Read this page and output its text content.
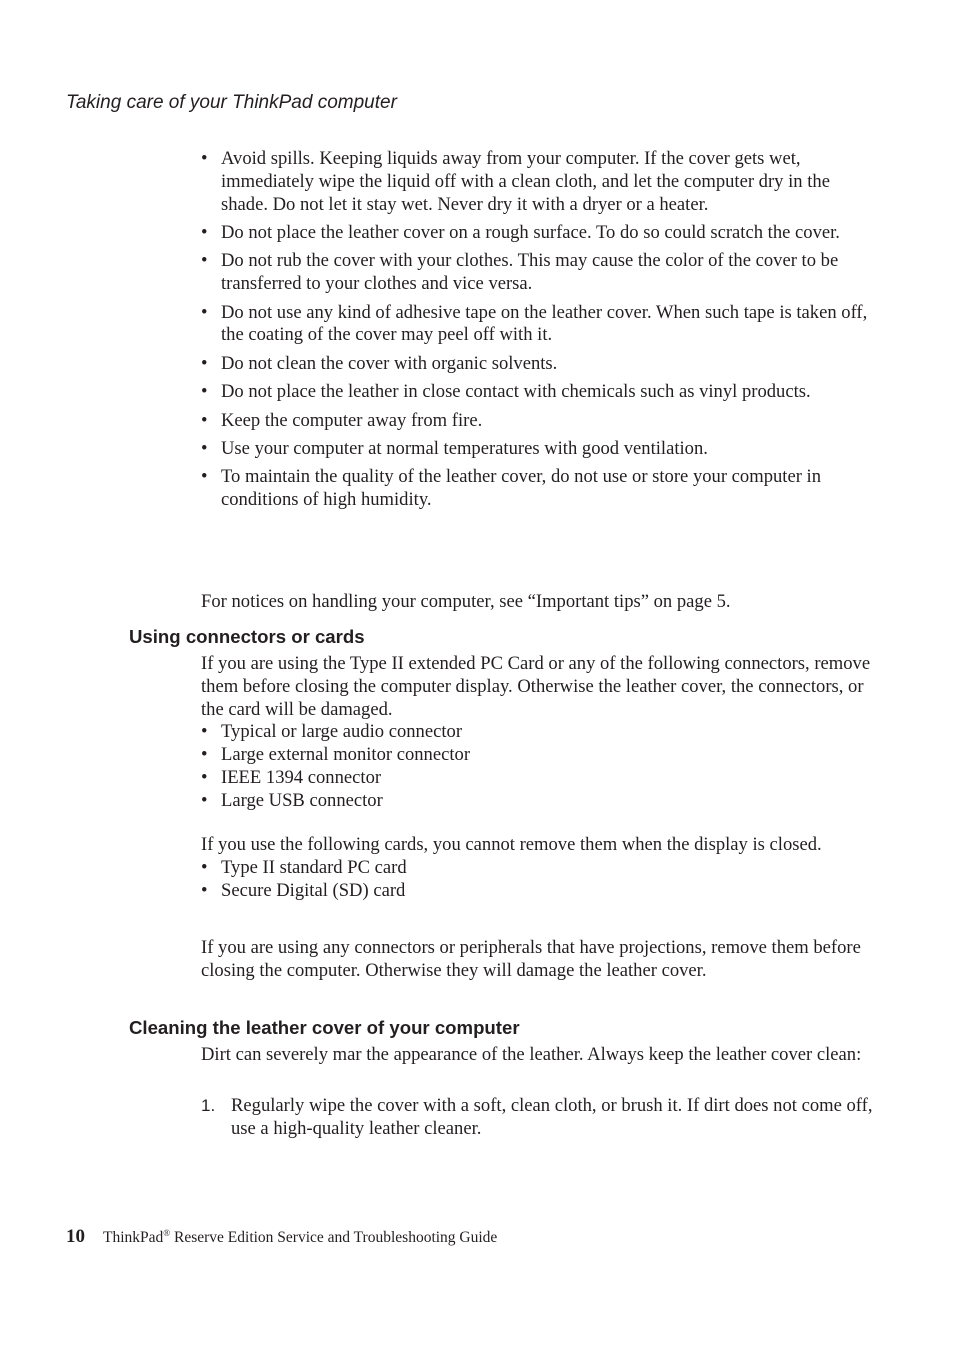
Taking care of your ThinkPad computer
• Avoid spills. Keeping liquids away from your computer. If the cover gets wet, immediately wipe the liquid off with a clean cloth, and let the computer dry in the shade. Do not let it stay wet. Never dry it with a dryer or a heater.
• Do not place the leather cover on a rough surface. To do so could scratch the cover.
• Do not rub the cover with your clothes. This may cause the color of the cover to be transferred to your clothes and vice versa.
• Do not use any kind of adhesive tape on the leather cover. When such tape is taken off, the coating of the cover may peel off with it.
• Do not clean the cover with organic solvents.
• Do not place the leather in close contact with chemicals such as vinyl products.
• Keep the computer away from fire.
• Use your computer at normal temperatures with good ventilation.
• To maintain the quality of the leather cover, do not use or store your computer in conditions of high humidity.

For notices on handling your computer, see “Important tips” on page 5.

Using connectors or cards

If you are using the Type II extended PC Card or any of the following connectors, remove them before closing the computer display. Otherwise the leather cover, the connectors, or the card will be damaged.

• Typical or large audio connector
• Large external monitor connector
• IEEE 1394 connector
• Large USB connector

If you use the following cards, you cannot remove them when the display is closed.

• Type II standard PC card
• Secure Digital (SD) card

If you are using any connectors or peripherals that have projections, remove them before closing the computer. Otherwise they will damage the leather cover.

Cleaning the leather cover of your computer

Dirt can severely mar the appearance of the leather. Always keep the leather cover clean:

1. Regularly wipe the cover with a soft, clean cloth, or brush it. If dirt does not come off, use a high-quality leather cleaner.
10 ThinkPad® Reserve Edition Service and Troubleshooting Guide
